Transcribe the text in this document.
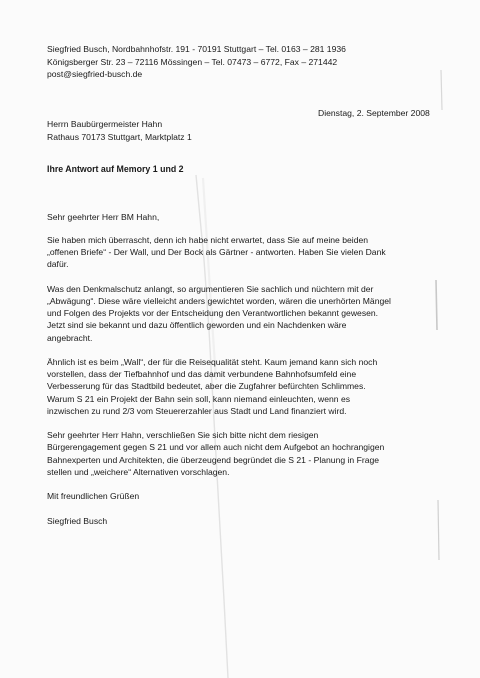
Siegfried Busch, Nordbahnhofstr. 191 - 70191 Stuttgart – Tel. 0163 – 281 1936
Königsberger Str. 23 – 72116 Mössingen – Tel. 07473 – 6772, Fax – 271442
post@siegfried-busch.de
Dienstag, 2. September 2008
Herrn Baubürgermeister Hahn
Rathaus 70173 Stuttgart, Marktplatz 1
Ihre Antwort auf Memory 1 und 2

Sehr geehrter Herr BM Hahn,

Sie haben mich überrascht, denn ich habe nicht erwartet, dass Sie auf meine beiden
„offenen Briefe“ - Der Wall, und Der Bock als Gärtner - antworten. Haben Sie vielen Dank
dafür.

Was den Denkmalschutz anlangt, so argumentieren Sie sachlich und nüchtern mit der
„Abwägung“. Diese wäre vielleicht anders gewichtet worden, wären die unerhörten Mängel
und Folgen des Projekts vor der Entscheidung den Verantwortlichen bekannt gewesen.
Jetzt sind sie bekannt und dazu öffentlich geworden und ein Nachdenken wäre
angebracht.

Ähnlich ist es beim „Wall“, der für die Reisequalität steht. Kaum jemand kann sich noch
vorstellen, dass der Tiefbahnhof und das damit verbundene Bahnhofsumfeld eine
Verbesserung für das Stadtbild bedeutet, aber die Zugfahrer befürchten Schlimmes.
Warum S 21 ein Projekt der Bahn sein soll, kann niemand einleuchten, wenn es
inzwischen zu rund 2/3 vom Steuererzahler aus Stadt und Land finanziert wird.

Sehr geehrter Herr Hahn, verschließen Sie sich bitte nicht dem riesigen
Bürgerengagement gegen S 21 und vor allem auch nicht dem Aufgebot an hochrangigen
Bahnexperten und Architekten, die überzeugend begründet die S 21 - Planung in Frage
stellen und „weichere“ Alternativen vorschlagen.

Mit freundlichen Grüßen

Siegfried Busch
